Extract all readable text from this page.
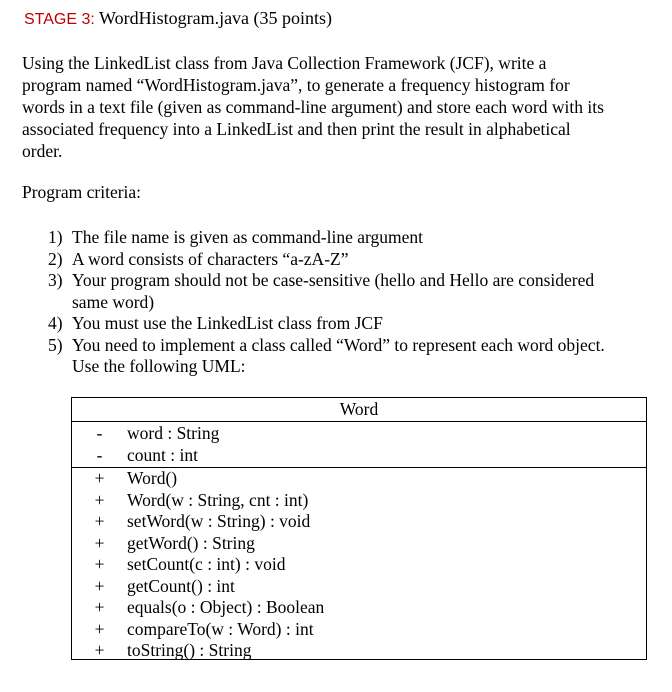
STAGE 3: WordHistogram.java (35 points)
Using the LinkedList class from Java Collection Framework (JCF), write a
program named “WordHistogram.java”, to generate a frequency histogram for
words in a text file (given as command-line argument) and store each word with its
associated frequency into a LinkedList and then print the result in alphabetical
order.
Program criteria:
1) The file name is given as command-line argument
2) A word consists of characters “a-zA-Z”
3) Your program should not be case-sensitive (hello and Hello are considered
same word)
4) You must use the LinkedList class from JCF
5) You need to implement a class called “Word” to represent each word object.
Use the following UML:
Word
-	word : String
-	count : int
+	Word()
+	Word(w : String, cnt : int)
+	setWord(w : String) : void
+	getWord() : String
+	setCount(c : int) : void
+	getCount() : int
+	equals(o : Object) : Boolean
+	compareTo(w : Word) : int
+	toString() : String
